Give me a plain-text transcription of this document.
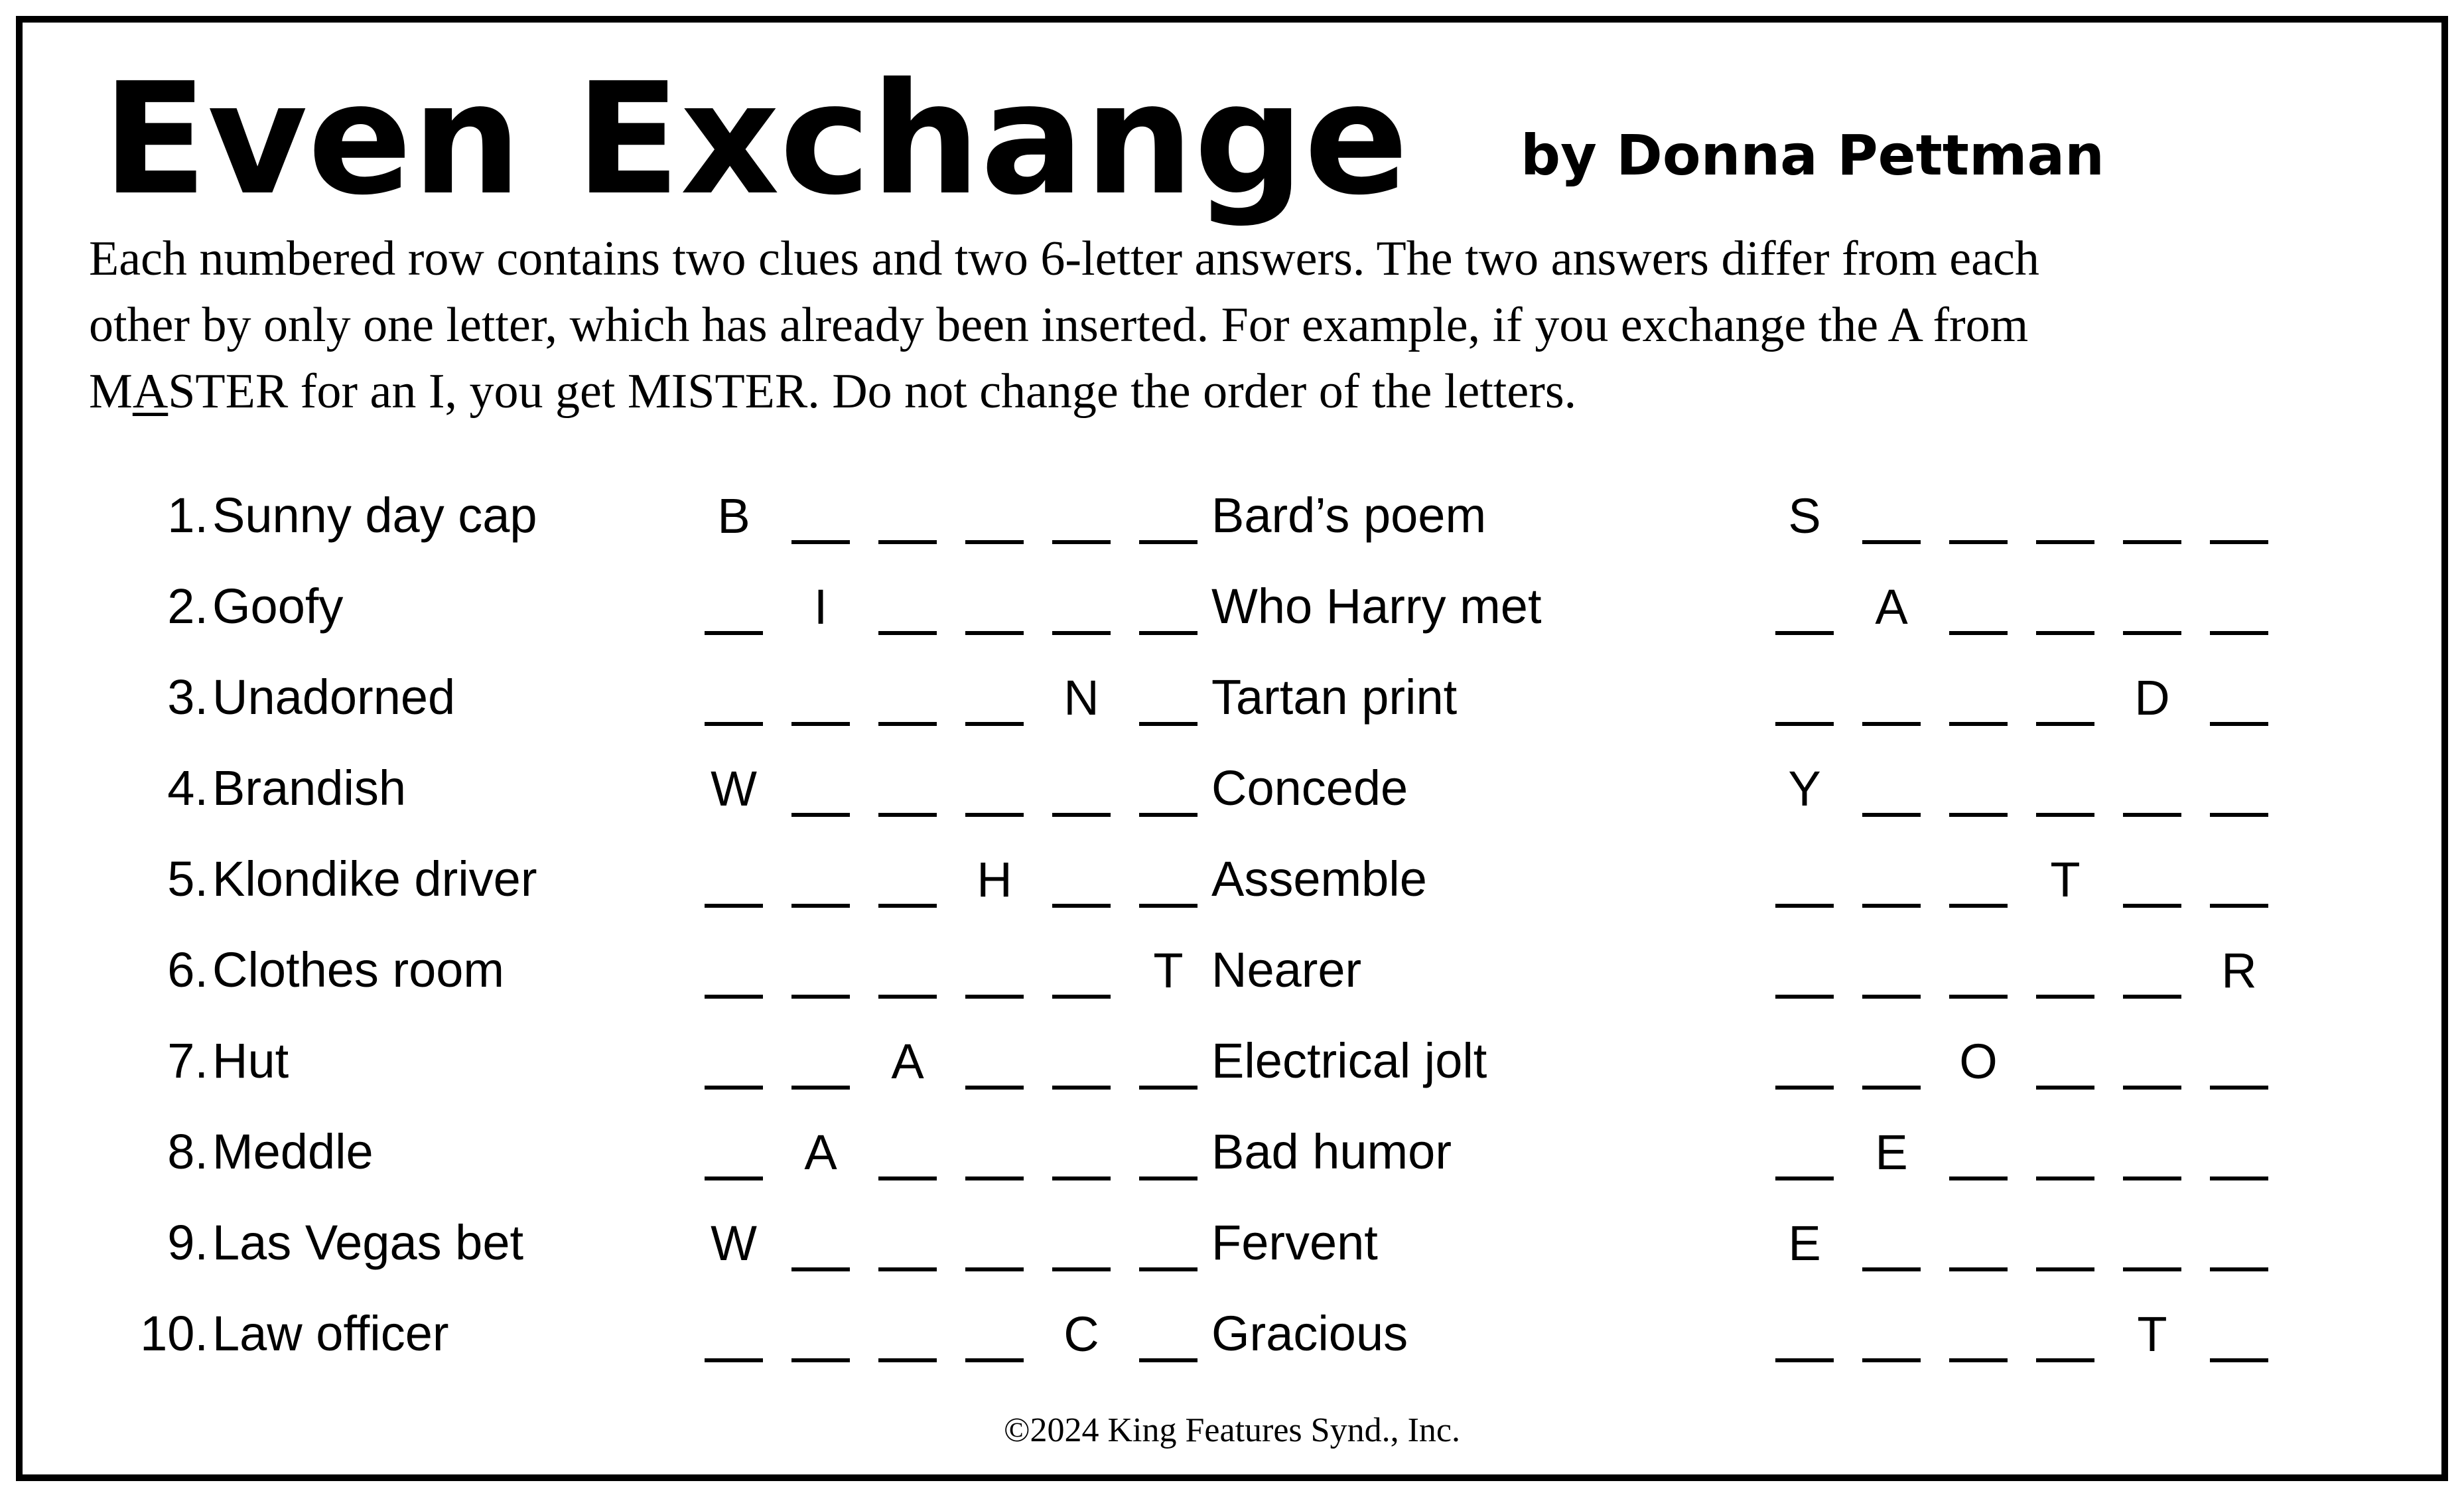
Even Exchange by Donna Pettman
Each numbered row contains two clues and two 6-letter answers. The two answers differ from each
other by only one letter, which has already been inserted. For example, if you exchange the A from
MASTER for an I, you get MISTER. Do not change the order of the letters.
1. Sunny day cap	B	Bard’s poem	S
2. Goofy	I	Who Harry met	A
3. Unadorned	N Tartan print	D
4. Brandish	W	Concede	Y
5. Klondike driver	H	Assemble	T
6. Clothes room	T Nearer	R
7. Hut	A	Electrical jolt	O
8. Meddle	A	Bad humor	E
9. Las Vegas bet	W	Fervent	E
10. Law officer	C Gracious	T
©2024 King Features Synd., Inc.
